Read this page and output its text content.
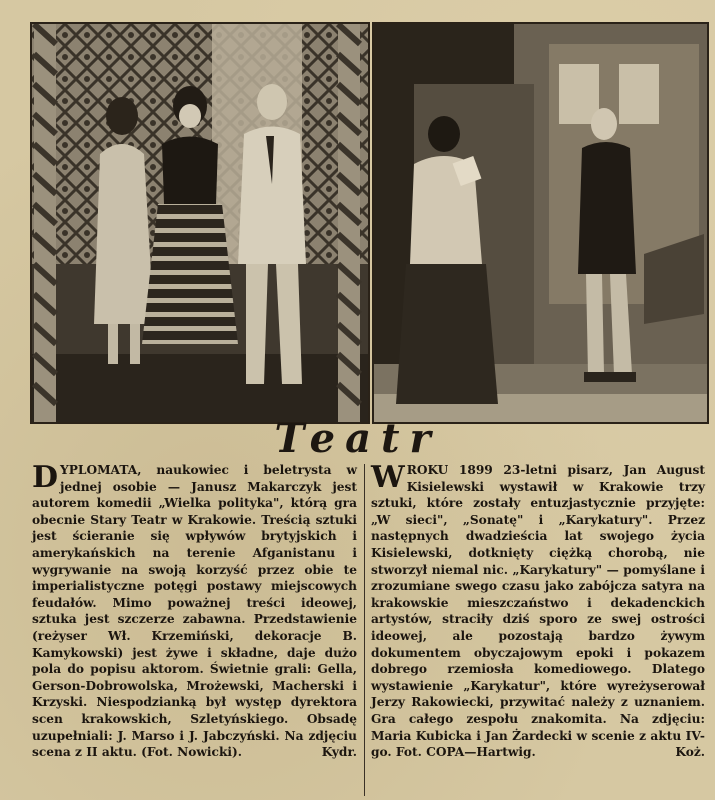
Teatr
DYPLOMATA, naukowiec i beletrysta w jednej osobie — Janusz Makarczyk jest autorem komedii „Wielka polityka", którą gra obecnie Stary Teatr w Krakowie. Treścią sztuki jest ścieranie się wpływów brytyjskich i amerykańskich na terenie Afganistanu i wygrywanie na swoją korzyść przez obie te imperialistyczne potęgi postawy miejscowych feudałów. Mimo poważnej treści ideowej, sztuka jest szczerze zabawna. Przedstawienie (reżyser Wł. Krzemiński, dekoracje B. Kamykowski) jest żywe i składne, daje dużo pola do popisu aktorom. Świetnie grali: Gella, Gerson-Dobrowolska, Mrożewski, Macherski i Krzyski. Niespodzianką był występ dyrektora scen krakowskich, Szletyńskiego. Obsadę uzupełniali: J. Marso i J. Jabczyński. Na zdjęciu scena z II aktu. (Fot. Nowicki).	Kydr.
WROKU 1899 23-letni pisarz, Jan August Kisielewski wystawił w Krakowie trzy sztuki, które zostały entuzjastycznie przyjęte: „W sieci", „Sonatę" i „Karykatury". Przez następnych dwadzieścia lat swojego życia Kisielewski, dotknięty ciężką chorobą, nie stworzył niemal nic. „Karykatury" — pomyślane i zrozumiane swego czasu jako zabójcza satyra na krakowskie mieszczaństwo i dekadenckich artystów, straciły dziś sporo ze swej ostrości ideowej, ale pozostają bardzo żywym dokumentem obyczajowym epoki i pokazem dobrego rzemiosła komediowego. Dlatego wystawienie „Karykatur", które wyreżyserował Jerzy Rakowiecki, przywitać należy z uznaniem. Gra całego zespołu znakomita. Na zdjęciu: Maria Kubicka i Jan Żardecki w scenie z aktu IV-go. Fot. COPA—Hartwig.	Koż.
